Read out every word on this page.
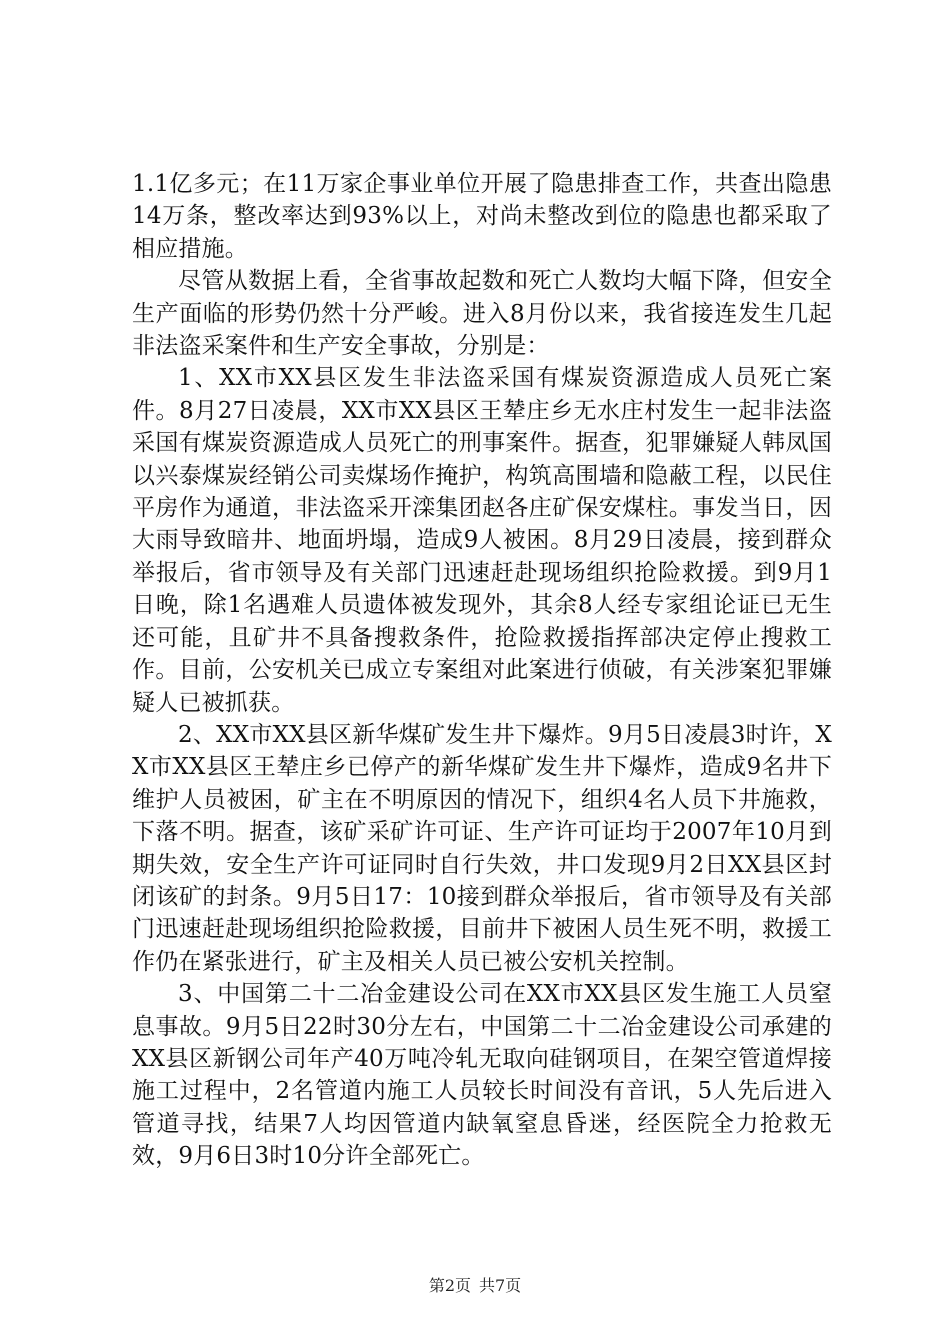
1.1亿多元；在11万家企事业单位开展了隐患排查工作，共查出隐患14万条，整改率达到93%以上，对尚未整改到位的隐患也都采取了相应措施。

尽管从数据上看，全省事故起数和死亡人数均大幅下降，但安全生产面临的形势仍然十分严峻。进入8月份以来，我省接连发生几起非法盗采案件和生产安全事故，分别是：

1、XX市XX县区发生非法盗采国有煤炭资源造成人员死亡案件。8月27日凌晨，XX市XX县区王辇庄乡无水庄村发生一起非法盗采国有煤炭资源造成人员死亡的刑事案件。据查，犯罪嫌疑人韩凤国以兴泰煤炭经销公司卖煤场作掩护，构筑高围墙和隐蔽工程，以民住平房作为通道，非法盗采开滦集团赵各庄矿保安煤柱。事发当日，因大雨导致暗井、地面坍塌，造成9人被困。8月29日凌晨，接到群众举报后，省市领导及有关部门迅速赶赴现场组织抢险救援。到9月1日晚，除1名遇难人员遗体被发现外，其余8人经专家组论证已无生还可能，且矿井不具备搜救条件，抢险救援指挥部决定停止搜救工作。目前，公安机关已成立专案组对此案进行侦破，有关涉案犯罪嫌疑人已被抓获。

2、XX市XX县区新华煤矿发生井下爆炸。9月5日凌晨3时许，XX市XX县区王辇庄乡已停产的新华煤矿发生井下爆炸，造成9名井下维护人员被困，矿主在不明原因的情况下，组织4名人员下井施救，下落不明。据查，该矿采矿许可证、生产许可证均于2007年10月到期失效，安全生产许可证同时自行失效，井口发现9月2日XX县区封闭该矿的封条。9月5日17：10接到群众举报后，省市领导及有关部门迅速赶赴现场组织抢险救援，目前井下被困人员生死不明，救援工作仍在紧张进行，矿主及相关人员已被公安机关控制。

3、中国第二十二冶金建设公司在XX市XX县区发生施工人员窒息事故。9月5日22时30分左右，中国第二十二冶金建设公司承建的XX县区新钢公司年产40万吨冷轧无取向硅钢项目，在架空管道焊接施工过程中，2名管道内施工人员较长时间没有音讯，5人先后进入管道寻找，结果7人均因管道内缺氧窒息昏迷，经医院全力抢救无效，9月6日3时10分许全部死亡。

第2页 共7页
